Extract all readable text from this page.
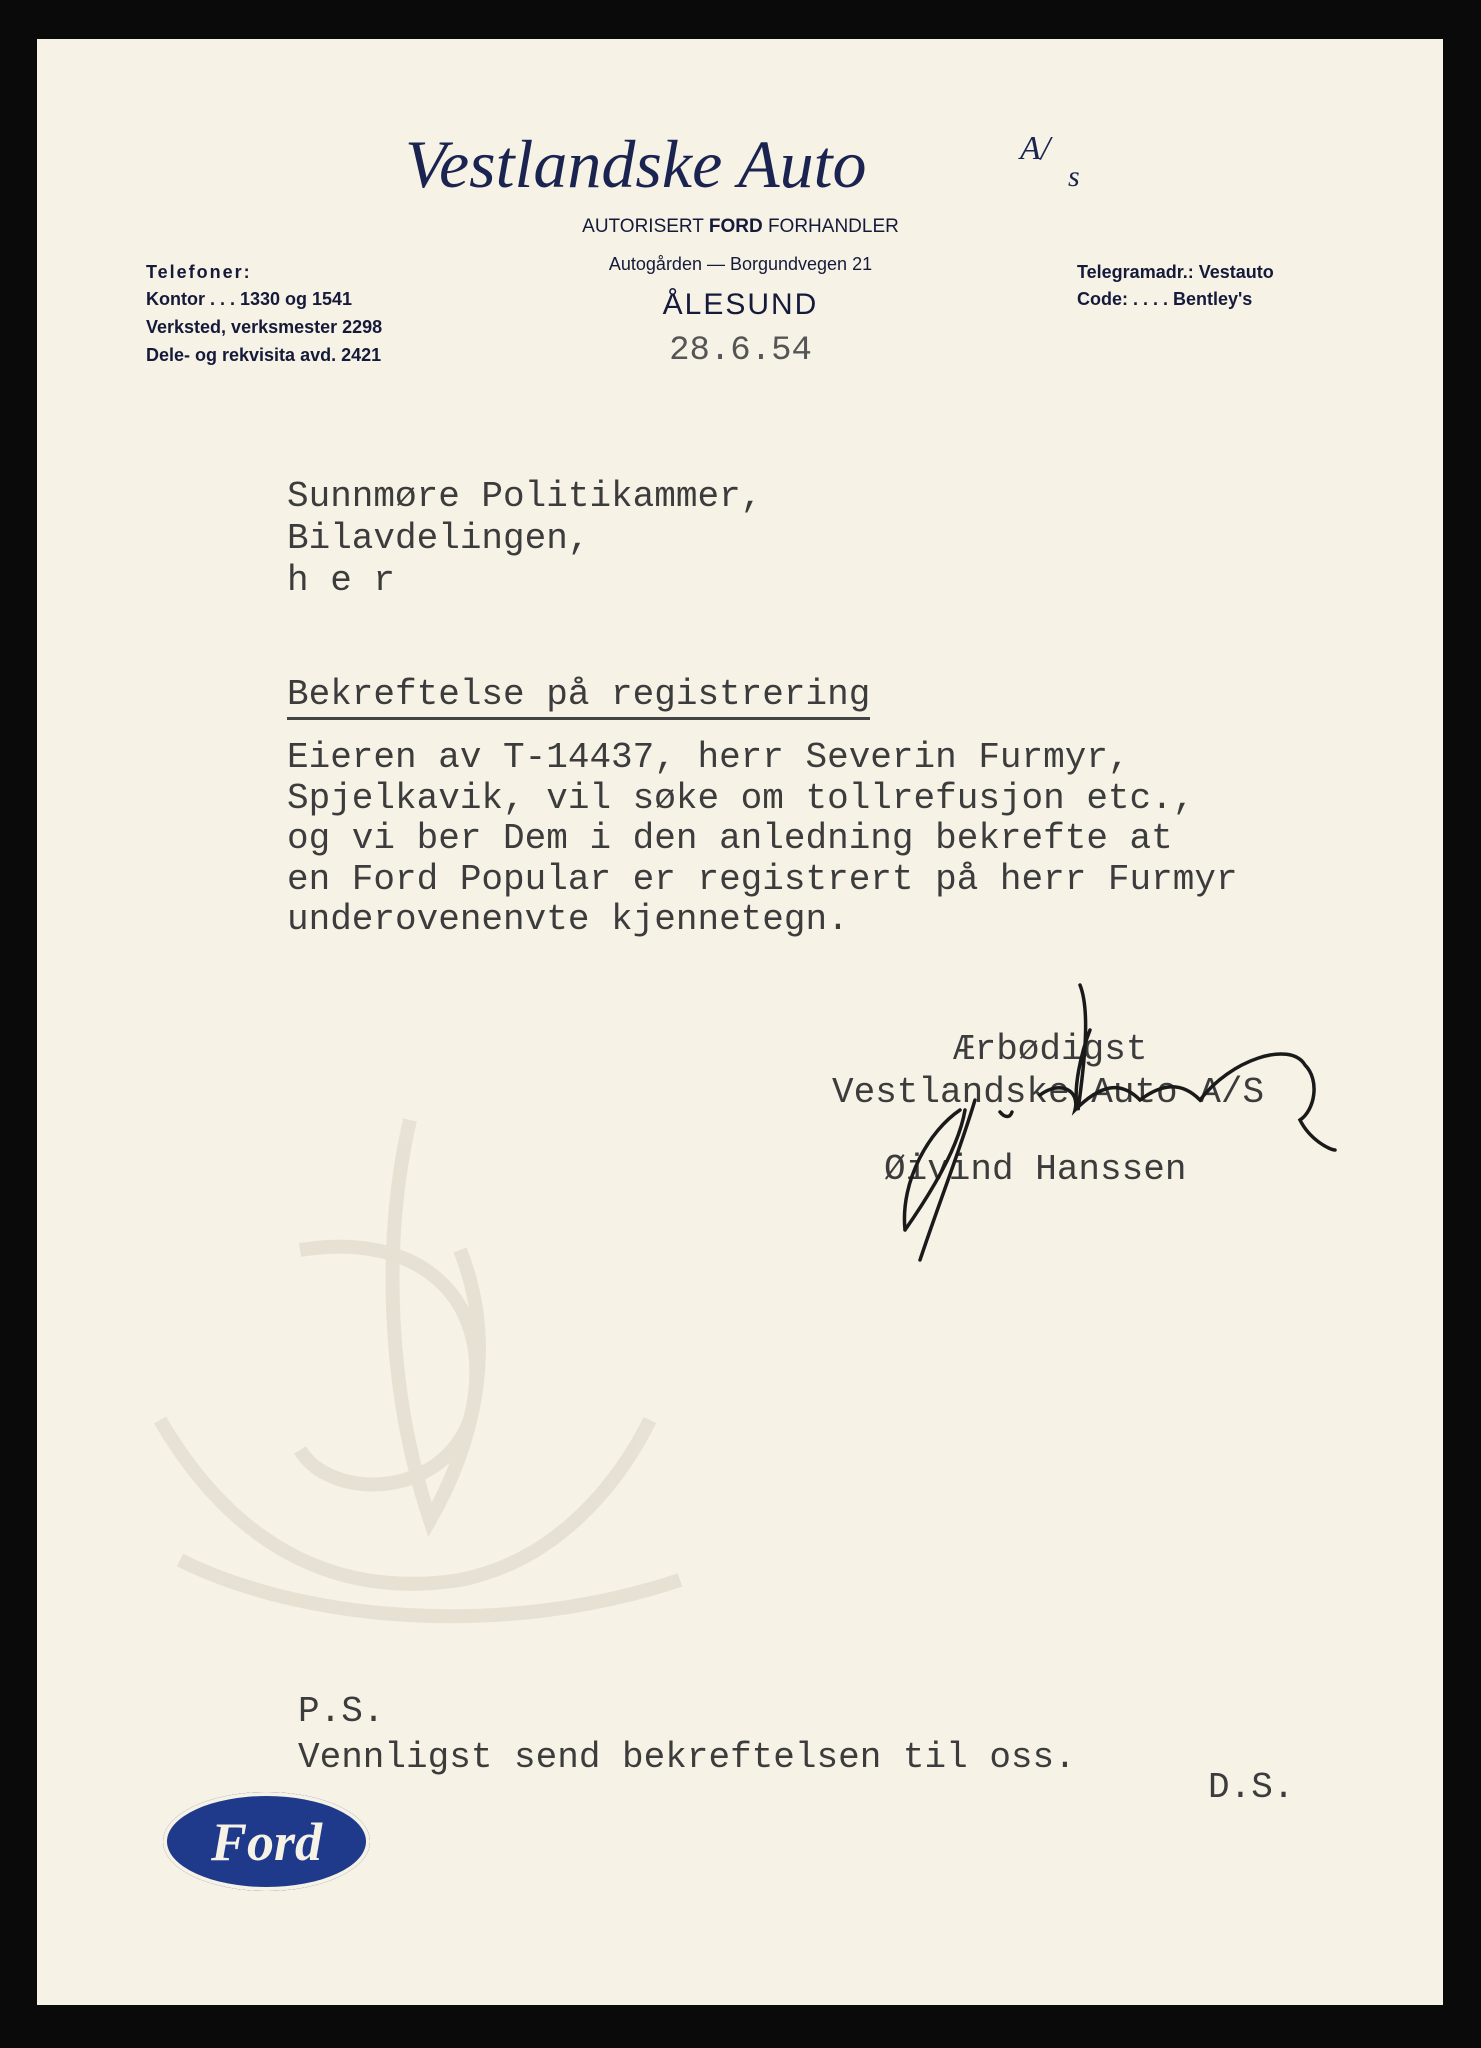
Vestlandske Auto	A/
s
AUTORISERT FORD FORHANDLER
Autogården — Borgundvegen 21
ÅLESUND
28.6.54
Telefoner:
Kontor . . . 1330 og 1541
Verksted, verksmester 2298
Dele- og rekvisita avd. 2421
Telegramadr.: Vestauto
Code: . . . . Bentley's
Sunnmøre Politikammer,
Bilavdelingen,
h e r
Bekreftelse på registrering
Eieren av T-14437, herr Severin Furmyr,
Spjelkavik, vil søke om tollrefusjon etc.,
og vi ber Dem i den anledning bekrefte at
en Ford Popular er registrert på herr Furmyr
underovenenvte kjennetegn.
Ærbødigst
Vestlandske Auto A/S
Øivind Hanssen
P.S.
Vennligst send bekreftelsen til oss.
D.S.
Ford
